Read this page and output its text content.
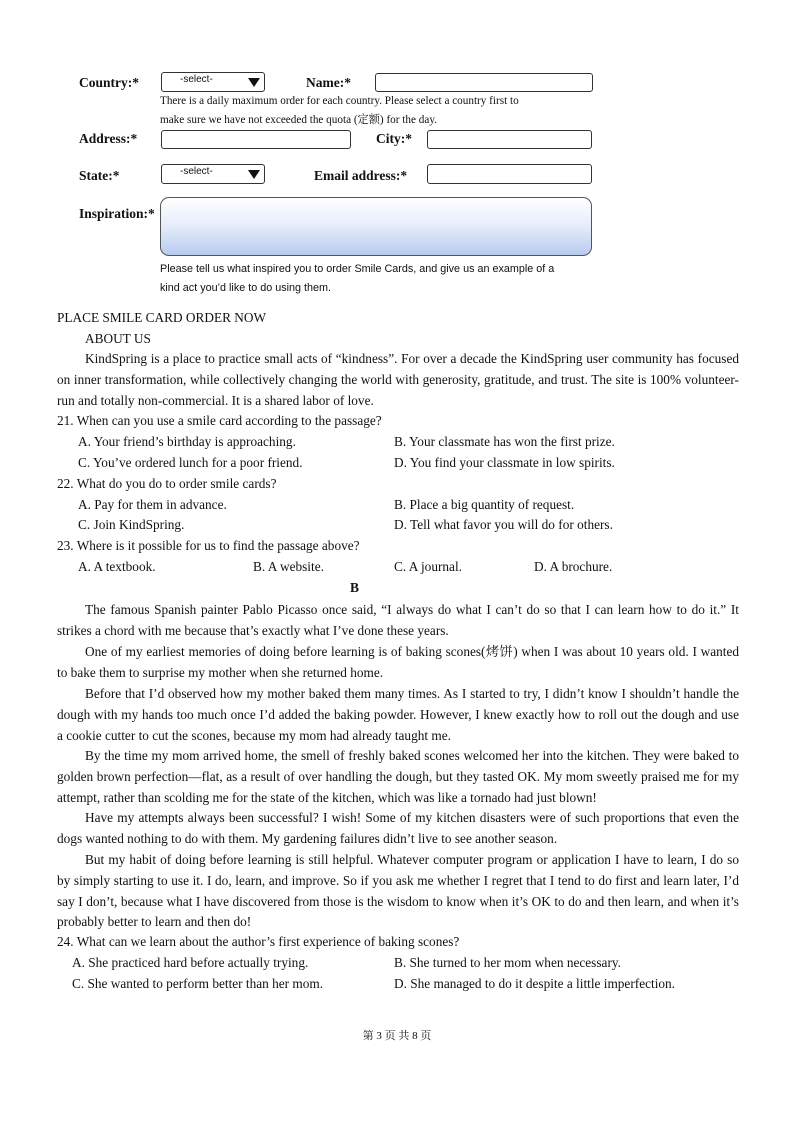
Country:*	-select-	Name:*
There is a daily maximum order for each country. Please select a country first to
make sure we have not exceeded the quota (定额) for the day.
Address:*	City:*
State:*	-select-	Email address:*
Inspiration:*
Please tell us what inspired you to order Smile Cards, and give us an example of a
kind act you’d like to do using them.
PLACE SMILE CARD ORDER NOW
ABOUT US

KindSpring is a place to practice small acts of “kindness”. For over a decade the KindSpring user community has focused on inner transformation, while collectively changing the world with generosity, gratitude, and trust. The site is 100% volunteer-run and totally non-commercial. It is a shared labor of love.

21. When can you use a smile card according to the passage?
A. Your friend’s birthday is approaching.	B. Your classmate has won the first prize.
C. You’ve ordered lunch for a poor friend.	D. You find your classmate in low spirits.
22. What do you do to order smile cards?
A. Pay for them in advance.	B. Place a big quantity of request.
C. Join KindSpring.	D. Tell what favor you will do for others.
23. Where is it possible for us to find the passage above?
A. A textbook.	B. A website.	C. A journal.	D. A brochure.
B

The famous Spanish painter Pablo Picasso once said, “I always do what I can’t do so that I can learn how to do it.” It strikes a chord with me because that’s exactly what I’ve done these years.

One of my earliest memories of doing before learning is of baking scones(烤饼) when I was about 10 years old. I wanted to bake them to surprise my mother when she returned home.

Before that I’d observed how my mother baked them many times. As I started to try, I didn’t know I shouldn’t handle the dough with my hands too much once I’d added the baking powder. However, I knew exactly how to roll out the dough and use a cookie cutter to cut the scones, because my mom had already taught me.

By the time my mom arrived home, the smell of freshly baked scones welcomed her into the kitchen. They were baked to golden brown perfection—flat, as a result of over handling the dough, but they tasted OK. My mom sweetly praised me for my attempt, rather than scolding me for the state of the kitchen, which was like a tornado had just blown!

Have my attempts always been successful? I wish! Some of my kitchen disasters were of such proportions that even the dogs wanted nothing to do with them. My gardening failures didn’t live to see another season.

But my habit of doing before learning is still helpful. Whatever computer program or application I have to learn, I do so by simply starting to use it. I do, learn, and improve. So if you ask me whether I regret that I tend to do first and learn later, I’d say I don’t, because what I have discovered from those is the wisdom to know when it’s OK to do and then learn, and when it’s probably better to learn and then do!

24. What can we learn about the author’s first experience of baking scones?
A. She practiced hard before actually trying.	B. She turned to her mom when necessary.
C. She wanted to perform better than her mom.	D. She managed to do it despite a little imperfection.
第 3 页 共 8 页
